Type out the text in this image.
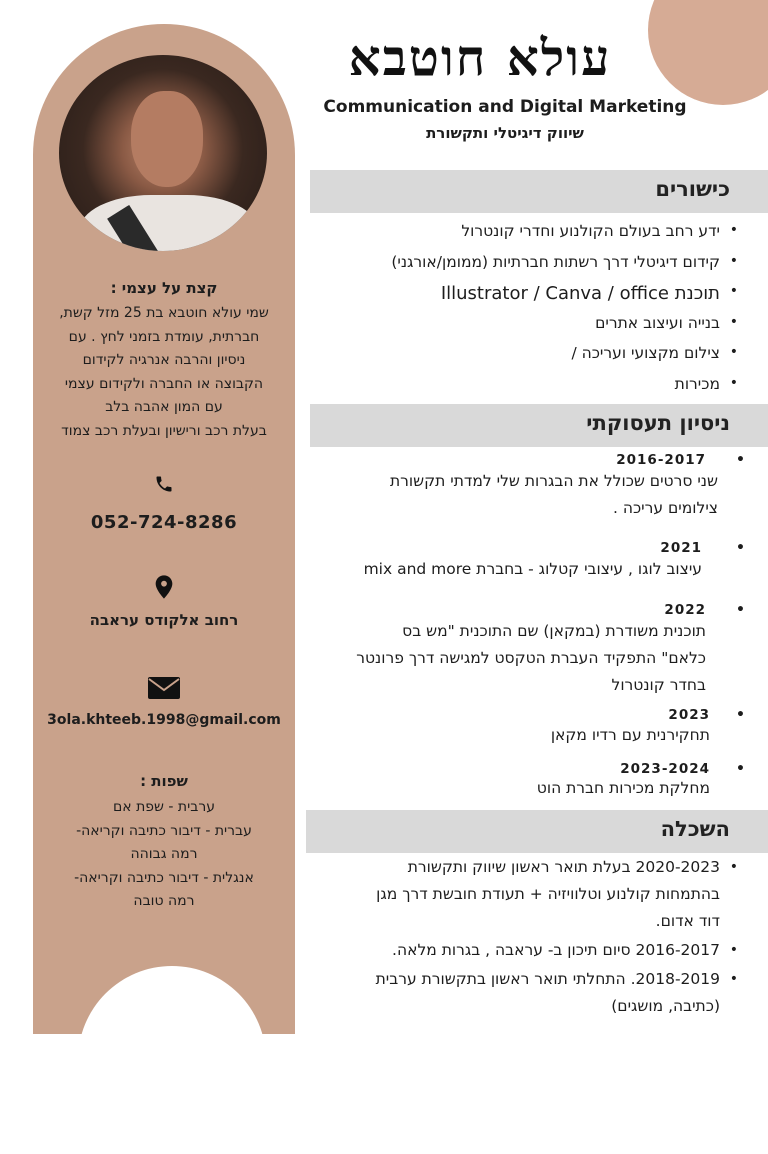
קצת על עצמי :
שמי עולא חוטבא בת 25 מזל קשת,
חברתית, עומדת בזמני לחץ . עם
ניסיון והרבה אנרגיה לקידום
הקבוצה או החברה ולקידום עצמי
עם המון אהבה בלב
בעלת רכב ורישיון ובעלת רכב צמוד
052-724-8286
רחוב אלקודס עראבה
3ola.khteeb.1998@gmail.com
שפות :
ערבית - שפת אם
עברית - דיבור כתיבה וקריאה-
רמה גבוהה
אנגלית - דיבור כתיבה וקריאה-
רמה טובה
עולא חוטבא
Communication and Digital Marketing
שיווק דיגיטלי ותקשורת
כישורים
• ידע רחב בעולם הקולנוע וחדרי קונטרול
• קידום דיגיטלי דרך רשתות חברתיות (ממומן/אורגני)
• תוכנת Illustrator / Canva / office
• בנייה ועיצוב אתרים
• צילום מקצועי ועריכה /
• מכירות
ניסיון תעסוקתי
• 2016-2017
שני סרטים שכולל את הבגרות שלי למדתי תקשורת
צילומים עריכה .
• 2021
עיצוב לוגו , עיצובי קטלוג - בחברת mix and more
• 2022
תוכנית משודרת (במקאן) שם התוכנית "מש בס
כלאם" התפקיד העברת הטקסט למגישה דרך פרונטר
בחדר קונטרול
• 2023
תחקירנית עם רדיו מקאן
• 2023-2024
מחלקת מכירות חברת הוט
השכלה
• 2020-2023 בעלת תואר ראשון שיווק ותקשורת
בהתמחות קולנוע וטלוויזיה + תעודת חובשת דרך מגן
דוד אדום.
• 2016-2017 סיום תיכון ב- עראבה , בגרות מלאה.
• 2018-2019. התחלתי תואר ראשון בתקשורת ערבית
(כתיבה, מושגים)
